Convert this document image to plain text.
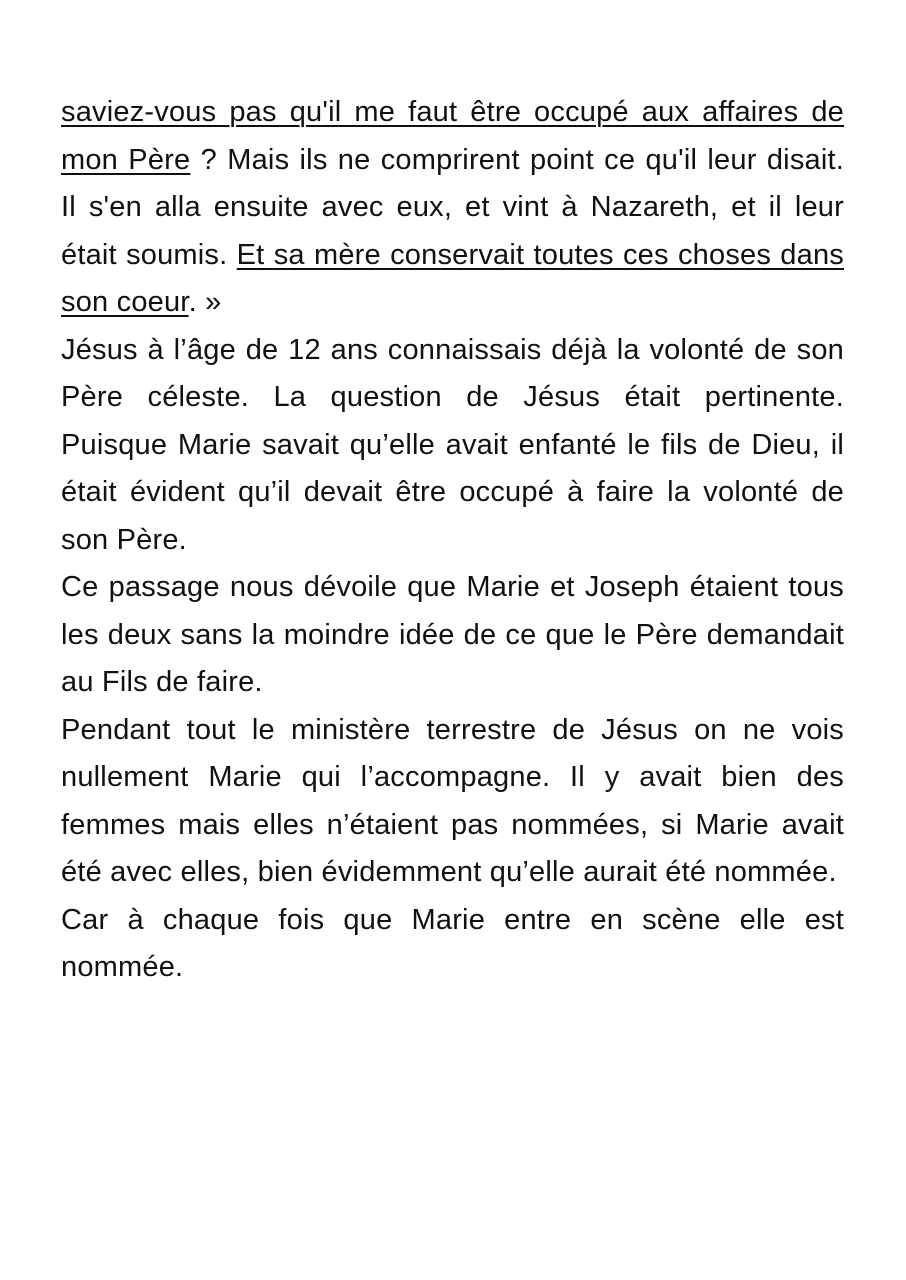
saviez-vous pas qu'il me faut être occupé aux affaires de mon Père ? Mais ils ne comprirent point ce qu'il leur disait. Il s'en alla ensuite avec eux, et vint à Nazareth, et il leur était soumis. Et sa mère conservait toutes ces choses dans son coeur. »

Jésus à l’âge de 12 ans connaissais déjà la volonté de son Père céleste. La question de Jésus était pertinente. Puisque Marie savait qu’elle avait enfanté le fils de Dieu, il était évident qu’il devait être occupé à faire la volonté de son Père.

Ce passage nous dévoile que Marie et Joseph étaient tous les deux sans la moindre idée de ce que le Père demandait au Fils de faire.

Pendant tout le ministère terrestre de Jésus on ne vois nullement Marie qui l’accompagne. Il y avait bien des femmes mais elles n’étaient pas nommées, si Marie avait été avec elles, bien évidemment qu’elle aurait été nommée.

Car à chaque fois que Marie entre en scène elle est nommée.
